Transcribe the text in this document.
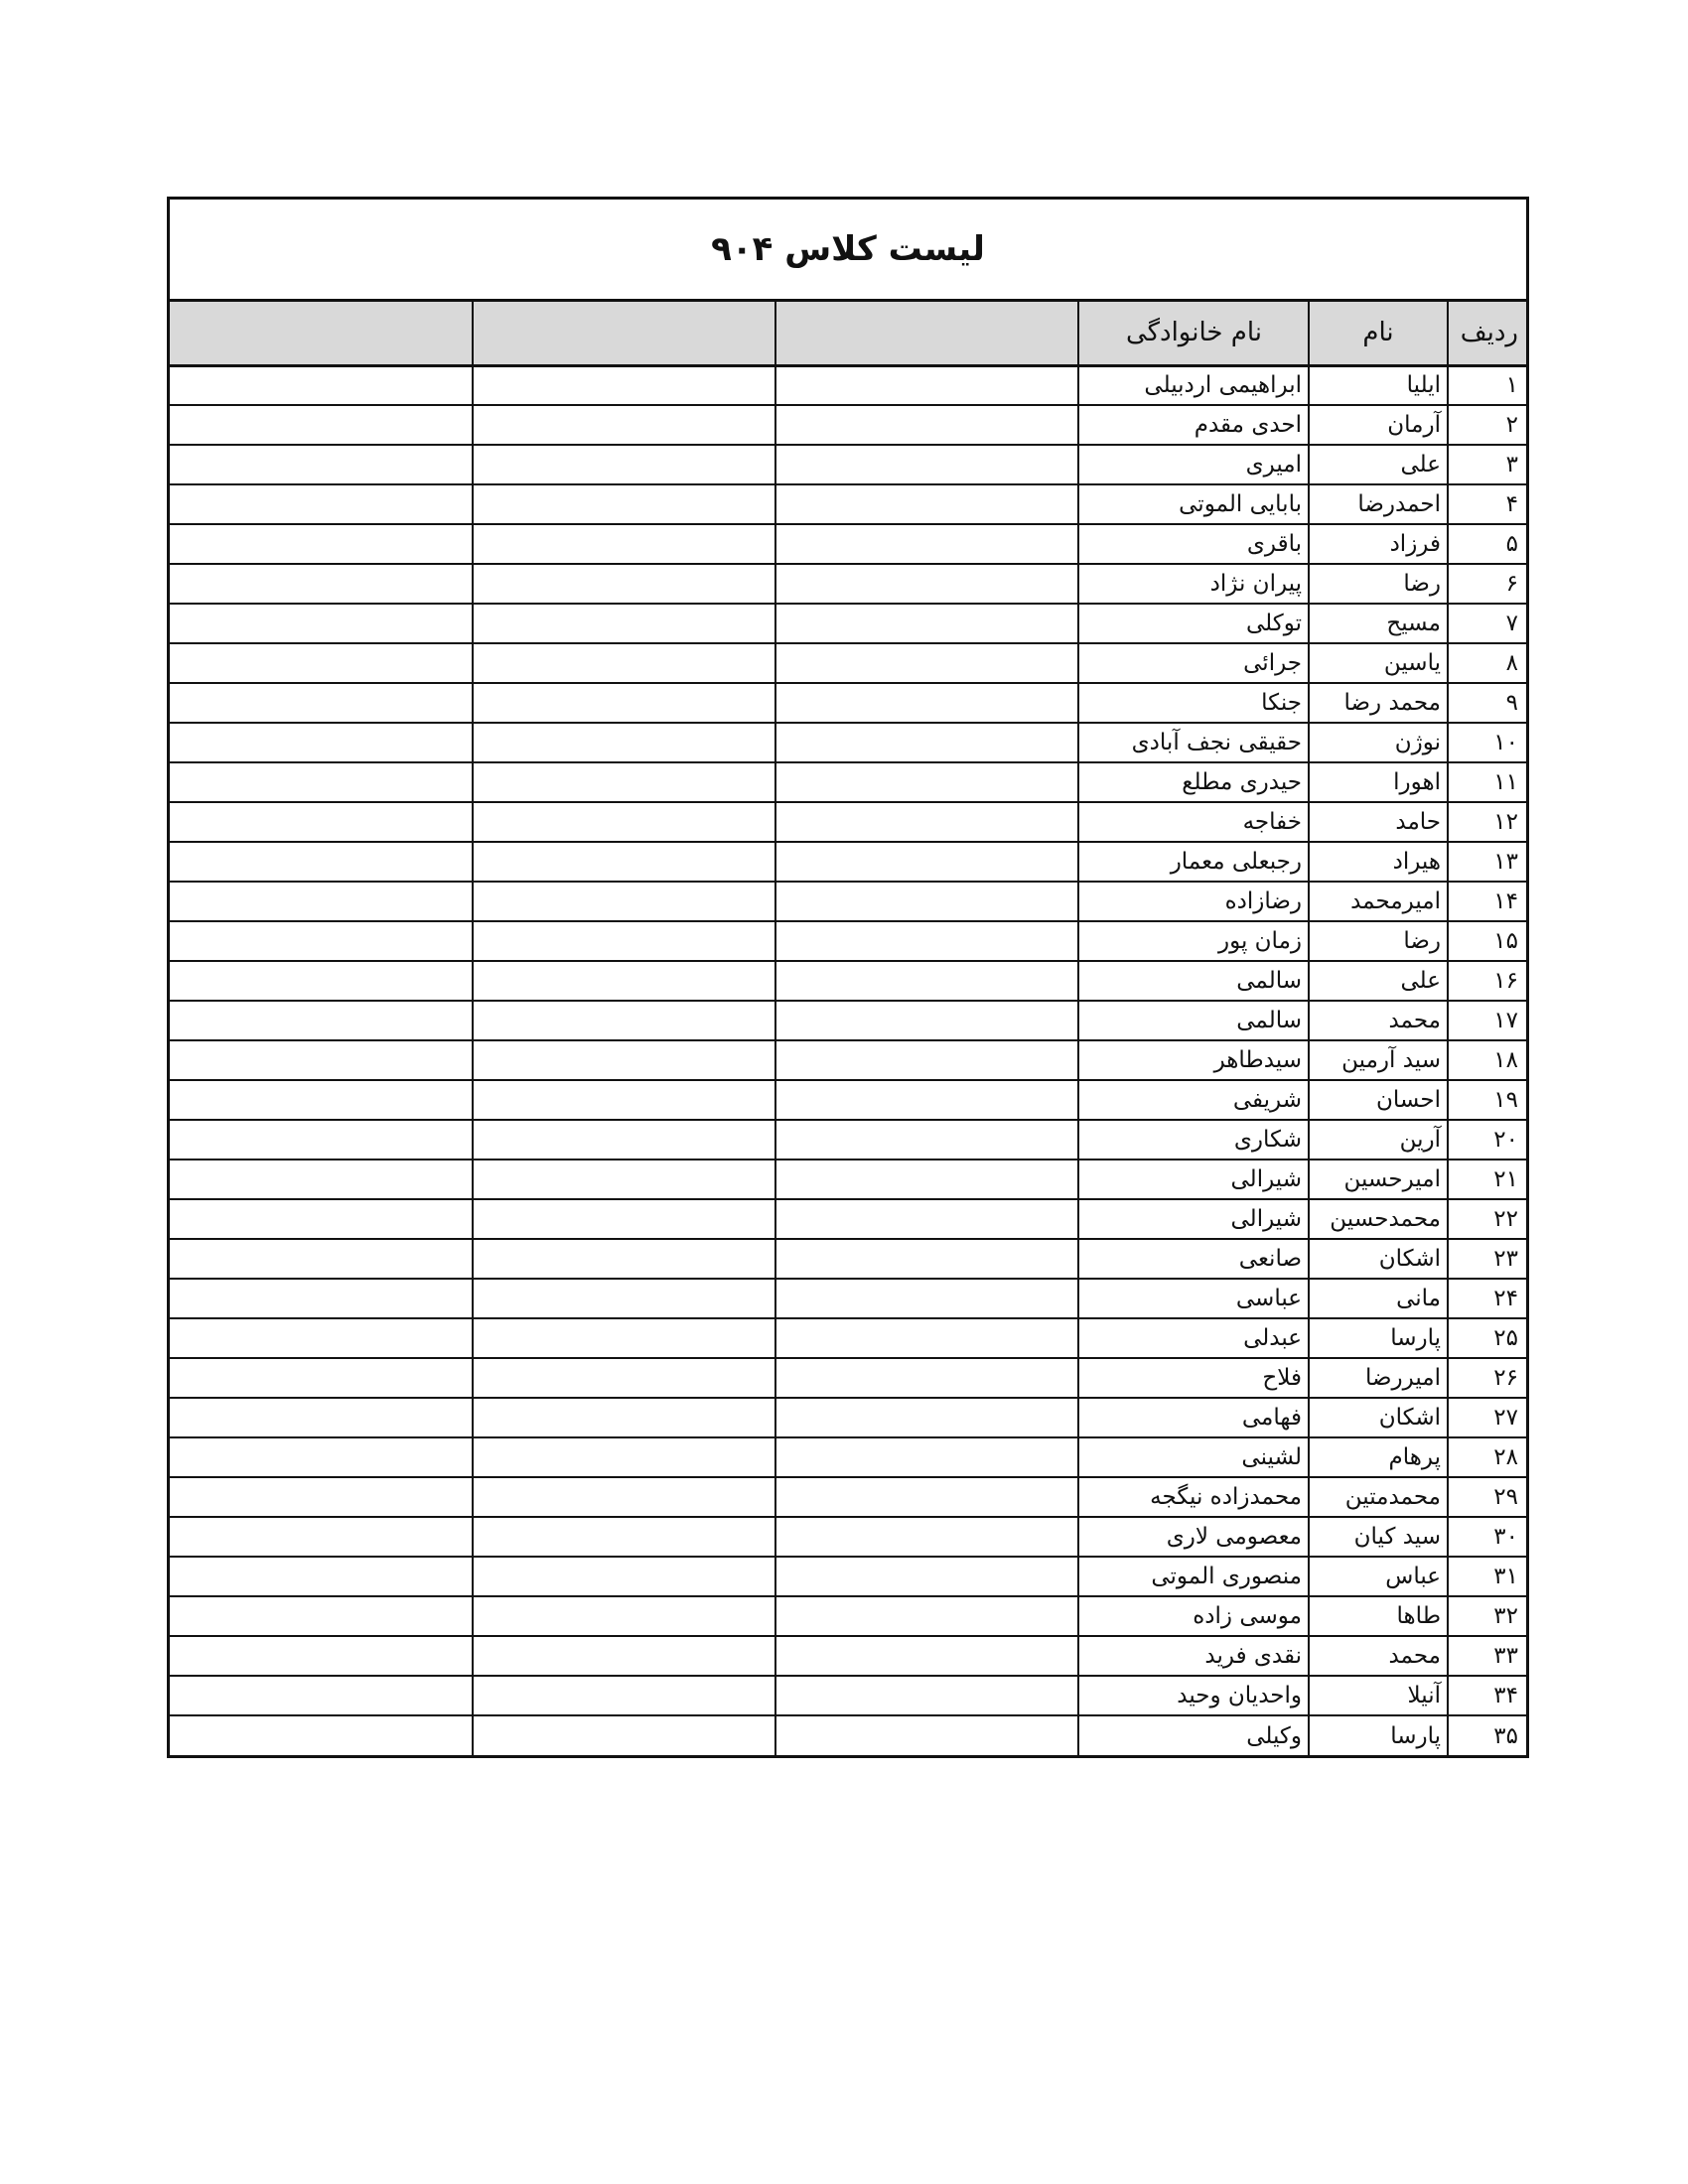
لیست کلاس ۹۰۴
ردیف	نام	نام خانوادگی			
۱	ایلیا	ابراهیمی اردبیلی			
۲	آرمان	احدی مقدم			
۳	علی	امیری			
۴	احمدرضا	بابایی الموتی			
۵	فرزاد	باقری			
۶	رضا	پیران نژاد			
۷	مسیح	توکلی			
۸	یاسین	جرائی			
۹	محمد رضا	جنکا			
۱۰	نوژن	حقیقی نجف آبادی			
۱۱	اهورا	حیدری مطلع			
۱۲	حامد	خفاجه			
۱۳	هیراد	رجبعلی معمار			
۱۴	امیرمحمد	رضازاده			
۱۵	رضا	زمان پور			
۱۶	علی	سالمی			
۱۷	محمد	سالمی			
۱۸	سید آرمین	سیدطاهر			
۱۹	احسان	شریفی			
۲۰	آرین	شکاری			
۲۱	امیرحسین	شیرالی			
۲۲	محمدحسین	شیرالی			
۲۳	اشکان	صانعی			
۲۴	مانی	عباسی			
۲۵	پارسا	عبدلی			
۲۶	امیررضا	فلاح			
۲۷	اشکان	فهامی			
۲۸	پرهام	لشینی			
۲۹	محمدمتین	محمدزاده نیگجه			
۳۰	سید کیان	معصومی لاری			
۳۱	عباس	منصوری الموتی			
۳۲	طاها	موسی زاده			
۳۳	محمد	نقدی فرید			
۳۴	آنیلا	واحدیان وحید			
۳۵	پارسا	وکیلی			
